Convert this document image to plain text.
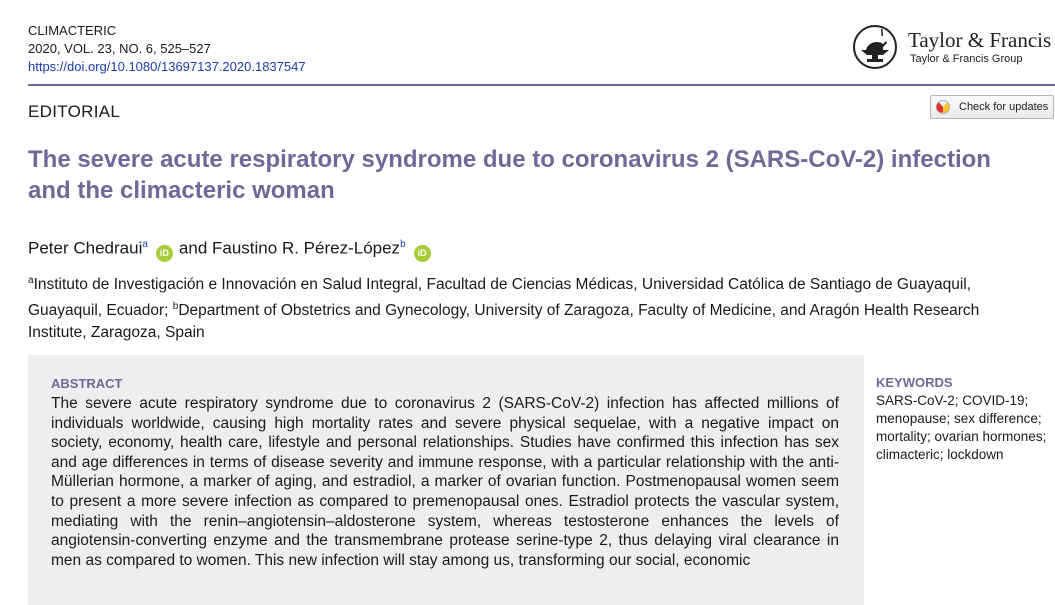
CLIMACTERIC
2020, VOL. 23, NO. 6, 525–527
https://doi.org/10.1080/13697137.2020.1837547
Taylor & Francis
Taylor & Francis Group
EDITORIAL	Check for updates
The severe acute respiratory syndrome due to coronavirus 2 (SARS-CoV-2) infection and the climacteric woman
Peter Chedraui$^a$iD and Faustino R. Pérez-López$^b$iD
$^a$Instituto de Investigación e Innovación en Salud Integral, Facultad de Ciencias Médicas, Universidad Católica de Santiago de Guayaquil, Guayaquil, Ecuador; $^b$Department of Obstetrics and Gynecology, University of Zaragoza, Faculty of Medicine, and Aragón Health Research Institute, Zaragoza, Spain
ABSTRACT
The severe acute respiratory syndrome due to coronavirus 2 (SARS-CoV-2) infection has affected millions of individuals worldwide, causing high mortality rates and severe physical sequelae, with a negative impact on society, economy, health care, lifestyle and personal relationships. Studies have confirmed this infection has sex and age differences in terms of disease severity and immune response, with a particular relationship with the anti-Müllerian hormone, a marker of aging, and estradiol, a marker of ovarian function. Postmenopausal women seem to present a more severe infection as compared to premenopausal ones. Estradiol protects the vascular system, mediating with the renin–angiotensin–aldosterone system, whereas testosterone enhances the levels of angiotensin-converting enzyme and the transmembrane protease serine-type 2, thus delaying viral clearance in men as compared to women. This new infection will stay among us, transforming our social, economic
KEYWORDS
SARS-CoV-2; COVID-19; menopause; sex difference; mortality; ovarian hormones; climacteric; lockdown
